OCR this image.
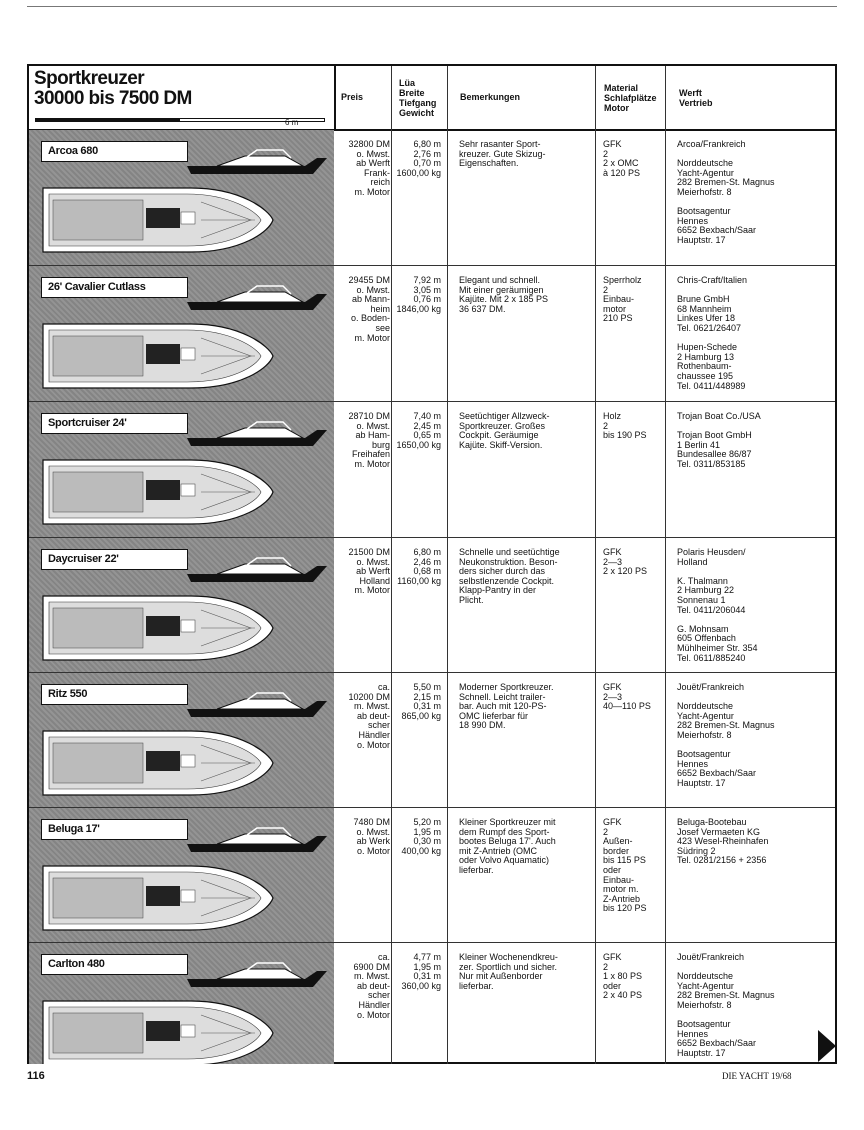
Sportkreuzer
30000 bis 7500 DM
6 m
Preis
Lüa
Breite
Tiefgang
Gewicht
Bemerkungen
Material
Schlafplätze
Motor
Werft
Vertrieb
Arcoa 680
32800 DM
o. Mwst.
ab Werft
Frank-
reich
m. Motor
6,80 m
2,76 m
0,70 m
1600,00 kg
Sehr rasanter Sport-
kreuzer. Gute Skizug-
Eigenschaften.
GFK
2
2 x OMC
à 120 PS
Arcoa/Frankreich

Norddeutsche
Yacht-Agentur
282 Bremen-St. Magnus
Meierhofstr. 8

Bootsagentur
Hennes
6652 Bexbach/Saar
Hauptstr. 17
26' Cavalier Cutlass
29455 DM
o. Mwst.
ab Mann-
heim
o. Boden-
see
m. Motor
7,92 m
3,05 m
0,76 m
1846,00 kg
Elegant und schnell.
Mit einer geräumigen
Kajüte. Mit 2 x 185 PS
36 637 DM.
Sperrholz
2
Einbau-
motor
210 PS
Chris-Craft/Italien

Brune GmbH
68 Mannheim
Linkes Ufer 18
Tel. 0621/26407

Hupen-Schede
2 Hamburg 13
Rothenbaum-
chaussee 195
Tel. 0411/448989
Sportcruiser 24'
28710 DM
o. Mwst.
ab Ham-
burg
Freihafen
m. Motor
7,40 m
2,45 m
0,65 m
1650,00 kg
Seetüchtiger Allzweck-
Sportkreuzer. Großes
Cockpit. Geräumige
Kajüte. Skiff-Version.
Holz
2
bis 190 PS
Trojan Boat Co./USA

Trojan Boot GmbH
1 Berlin 41
Bundesallee 86/87
Tel. 0311/853185
Daycruiser 22'
21500 DM
o. Mwst.
ab Werft
Holland
m. Motor
6,80 m
2,46 m
0,68 m
1160,00 kg
Schnelle und seetüchtige
Neukonstruktion. Beson-
ders sicher durch das
selbstlenzende Cockpit.
Klapp-Pantry in der
Plicht.
GFK
2—3
2 x 120 PS
Polaris Heusden/
Holland

K. Thalmann
2 Hamburg 22
Sonnenau 1
Tel. 0411/206044

G. Mohnsam
605 Offenbach
Mühlheimer Str. 354
Tel. 0611/885240
Ritz 550
ca.
10200 DM
m. Mwst.
ab deut-
scher
Händler
o. Motor
5,50 m
2,15 m
0,31 m
865,00 kg
Moderner Sportkreuzer.
Schnell. Leicht trailer-
bar. Auch mit 120-PS-
OMC lieferbar für
18 990 DM.
GFK
2—3
40—110 PS
Jouët/Frankreich

Norddeutsche
Yacht-Agentur
282 Bremen-St. Magnus
Meierhofstr. 8

Bootsagentur
Hennes
6652 Bexbach/Saar
Hauptstr. 17
Beluga 17'
7480 DM
o. Mwst.
ab Werk
o. Motor
5,20 m
1,95 m
0,30 m
400,00 kg
Kleiner Sportkreuzer mit
dem Rumpf des Sport-
bootes Beluga 17'. Auch
mit Z-Antrieb (OMC
oder Volvo Aquamatic)
lieferbar.
GFK
2
Außen-
border
bis 115 PS
oder
Einbau-
motor m.
Z-Antrieb
bis 120 PS
Beluga-Bootebau
Josef Vermaeten KG
423 Wesel-Rheinhafen
Südring 2
Tel. 0281/2156 + 2356
Carlton 480
ca.
6900 DM
m. Mwst.
ab deut-
scher
Händler
o. Motor
4,77 m
1,95 m
0,31 m
360,00 kg
Kleiner Wochenendkreu-
zer. Sportlich und sicher.
Nur mit Außenborder
lieferbar.
GFK
2
1 x 80 PS
oder
2 x 40 PS
Jouët/Frankreich

Norddeutsche
Yacht-Agentur
282 Bremen-St. Magnus
Meierhofstr. 8

Bootsagentur
Hennes
6652 Bexbach/Saar
Hauptstr. 17
116	DIE YACHT 19/68
